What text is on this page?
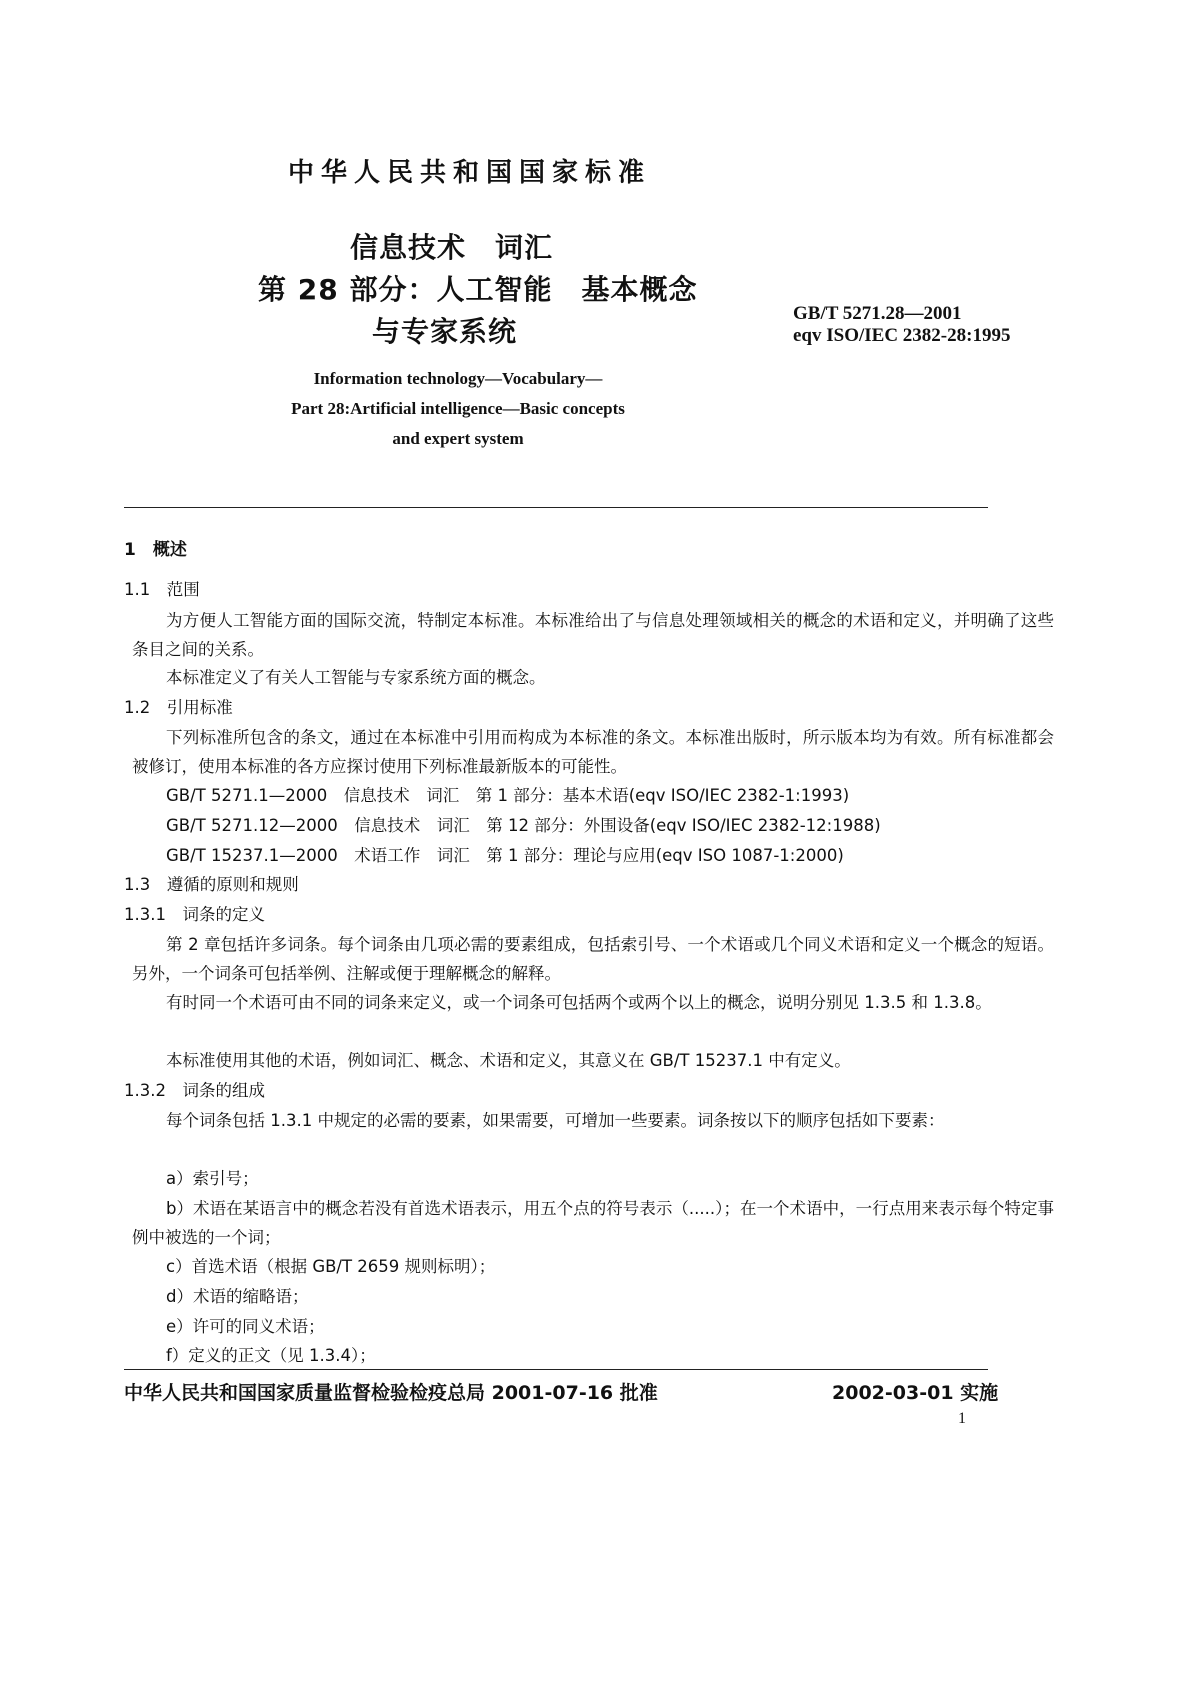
中华人民共和国国家标准
信息技术　词汇
第 28 部分：人工智能　基本概念
与专家系统
GB/T 5271.28—2001
eqv ISO/IEC 2382-28:1995
Information technology—Vocabulary—
Part 28:Artificial intelligence—Basic concepts
and expert system
1　概述
1.1　范围
为方便人工智能方面的国际交流，特制定本标准。本标准给出了与信息处理领域相关的概念的术语和定义，并明确了这些条目之间的关系。
本标准定义了有关人工智能与专家系统方面的概念。
1.2　引用标准
下列标准所包含的条文，通过在本标准中引用而构成为本标准的条文。本标准出版时，所示版本均为有效。所有标准都会被修订，使用本标准的各方应探讨使用下列标准最新版本的可能性。
GB/T 5271.1—2000　信息技术　词汇　第 1 部分：基本术语(eqv ISO/IEC 2382-1:1993)
GB/T 5271.12—2000　信息技术　词汇　第 12 部分：外围设备(eqv ISO/IEC 2382-12:1988)
GB/T 15237.1—2000　术语工作　词汇　第 1 部分：理论与应用(eqv ISO 1087-1:2000)
1.3　遵循的原则和规则
1.3.1　词条的定义
第 2 章包括许多词条。每个词条由几项必需的要素组成，包括索引号、一个术语或几个同义术语和定义一个概念的短语。另外，一个词条可包括举例、注解或便于理解概念的解释。
有时同一个术语可由不同的词条来定义，或一个词条可包括两个或两个以上的概念，说明分别见 1.3.5 和 1.3.8。
本标准使用其他的术语，例如词汇、概念、术语和定义，其意义在 GB/T 15237.1 中有定义。
1.3.2　词条的组成
每个词条包括 1.3.1 中规定的必需的要素，如果需要，可增加一些要素。词条按以下的顺序包括如下要素：
a）索引号；
b）术语在某语言中的概念若没有首选术语表示，用五个点的符号表示（.....）；在一个术语中，一行点用来表示每个特定事例中被选的一个词；
c）首选术语（根据 GB/T 2659 规则标明）；
d）术语的缩略语；
e）许可的同义术语；
f）定义的正文（见 1.3.4）；
中华人民共和国国家质量监督检验检疫总局 2001-07-16 批准	2002-03-01 实施
1
